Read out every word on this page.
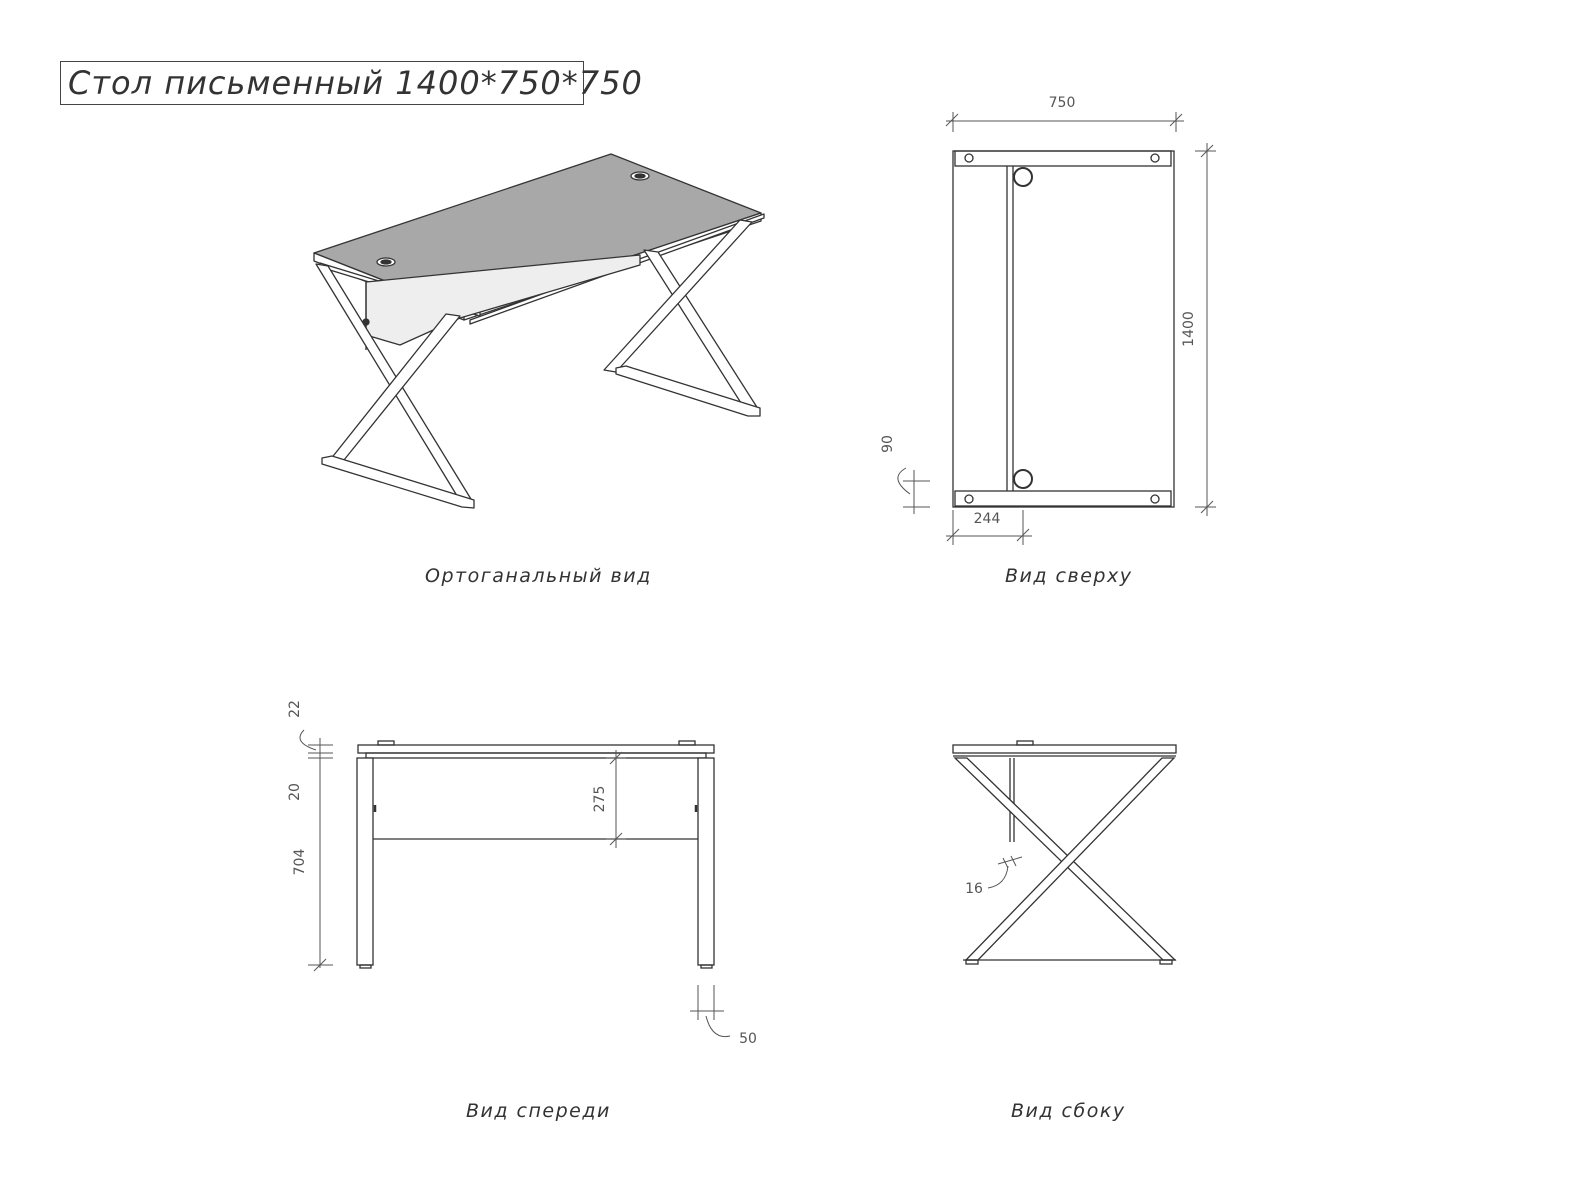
Стол письменный 1400*750*750
750
1400
90
244
22
20
704
275
50
16
Ортоганальный вид	Вид сверху
Вид спереди	Вид сбоку
